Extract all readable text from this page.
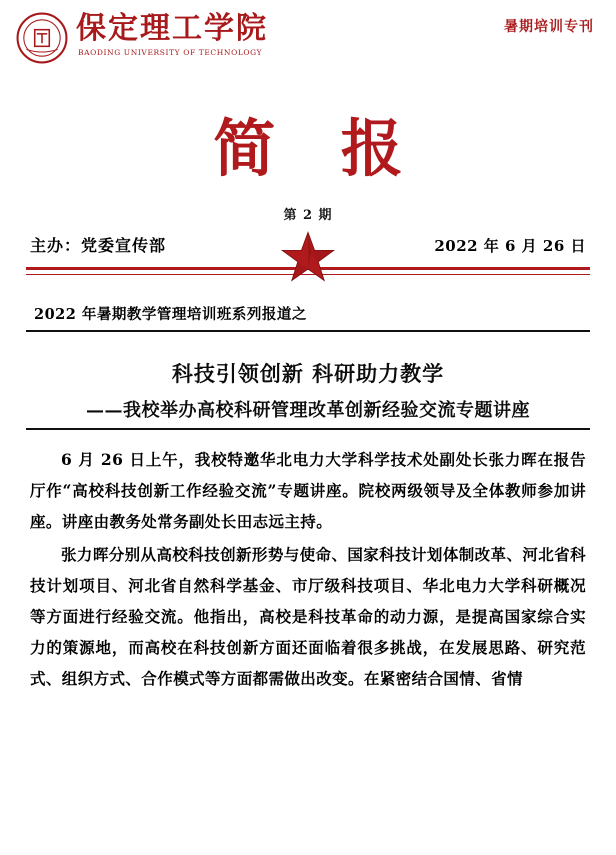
保定理工学院
BAODING UNIVERSITY OF TECHNOLOGY
暑期培训专刊
简 报
第 2 期
主办：党委宣传部	2022 年 6 月 26 日
2022 年暑期教学管理培训班系列报道之
科技引领创新 科研助力教学
——我校举办高校科研管理改革创新经验交流专题讲座

6 月 26 日上午，我校特邀华北电力大学科学技术处副处长张力晖在报告厅作“高校科技创新工作经验交流”专题讲座。院校两级领导及全体教师参加讲座。讲座由教务处常务副处长田志远主持。

张力晖分别从高校科技创新形势与使命、国家科技计划体制改革、河北省科技计划项目、河北省自然科学基金、市厅级科技项目、华北电力大学科研概况等方面进行经验交流。他指出，高校是科技革命的动力源，是提高国家综合实力的策源地，而高校在科技创新方面还面临着很多挑战，在发展思路、研究范式、组织方式、合作模式等方面都需做出改变。在紧密结合国情、省情
